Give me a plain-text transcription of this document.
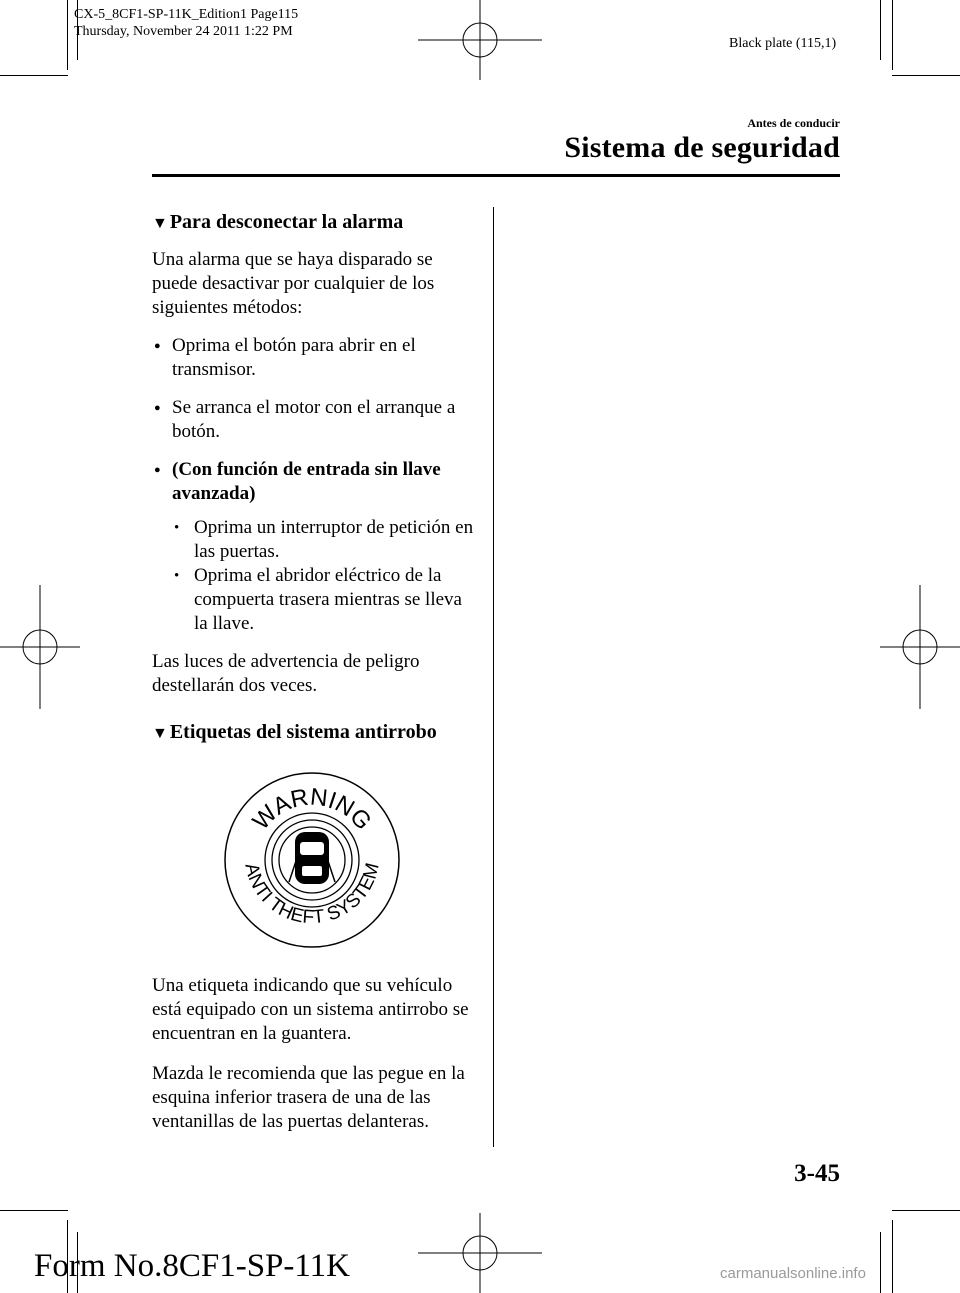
CX-5_8CF1-SP-11K_Edition1 Page115
Thursday, November 24 2011 1:22 PM
Black plate (115,1)
Antes de conducir
Sistema de seguridad
▼ Para desconectar la alarma

Una alarma que se haya disparado se puede desactivar por cualquier de los siguientes métodos:

● Oprima el botón para abrir en el transmisor.
● Se arranca el motor con el arranque a botón.
● (Con función de entrada sin llave avanzada)
• Oprima un interruptor de petición en las puertas.
• Oprima el abridor eléctrico de la compuerta trasera mientras se lleva la llave.

Las luces de advertencia de peligro destellarán dos veces.

▼ Etiquetas del sistema antirrobo
WARNING
ANTI THEFT SYSTEM

Una etiqueta indicando que su vehículo está equipado con un sistema antirrobo se encuentran en la guantera.

Mazda le recomienda que las pegue en la esquina inferior trasera de una de las ventanillas de las puertas delanteras.

3-45
Form No.8CF1-SP-11K	carmanualsonline.info
